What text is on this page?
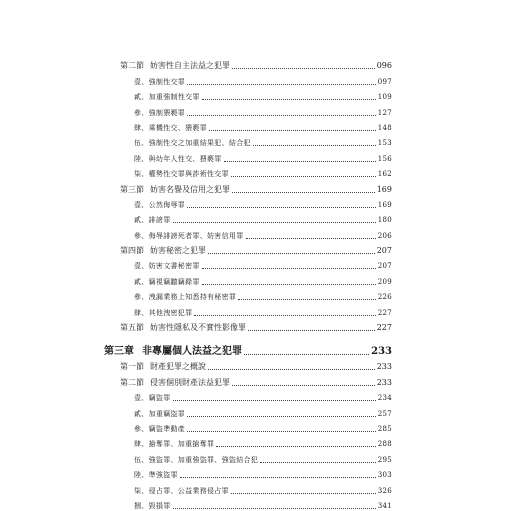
第二節 妨害性自主法益之犯罪	096
壹、強制性交罪	097
貳、加重強制性交罪	109
參、強制猥褻罪	127
肆、乘機性交、猥褻罪	148
伍、強制性交之加重結果犯、結合犯	153
陸、與幼年人性交、猥褻罪	156
柒、權勢性交罪與詐術性交罪	162
第三節 妨害名譽及信用之犯罪	169
壹、公然侮辱罪	169
貳、誹謗罪	180
參、侮辱誹謗死者罪、妨害信用罪	206
第四節 妨害秘密之犯罪	207
壹、妨害文書秘密罪	207
貳、竊視竊聽竊錄罪	209
參、洩漏業務上知悉持有秘密罪	226
肆、其他洩密犯罪	227
第五節 妨害性隱私及不實性影像罪	227
第三章 非專屬個人法益之犯罪	233
第一節 財產犯罪之概說	233
第二節 侵害個別財產法益犯罪	233
壹、竊盜罪	234
貳、加重竊盜罪	257
參、竊盜準動產	285
肆、搶奪罪、加重搶奪罪	288
伍、強盜罪、加重強盜罪、強盜結合犯	295
陸、準強盜罪	303
柒、侵占罪、公益業務侵占罪	326
捌、毀損罪	341
